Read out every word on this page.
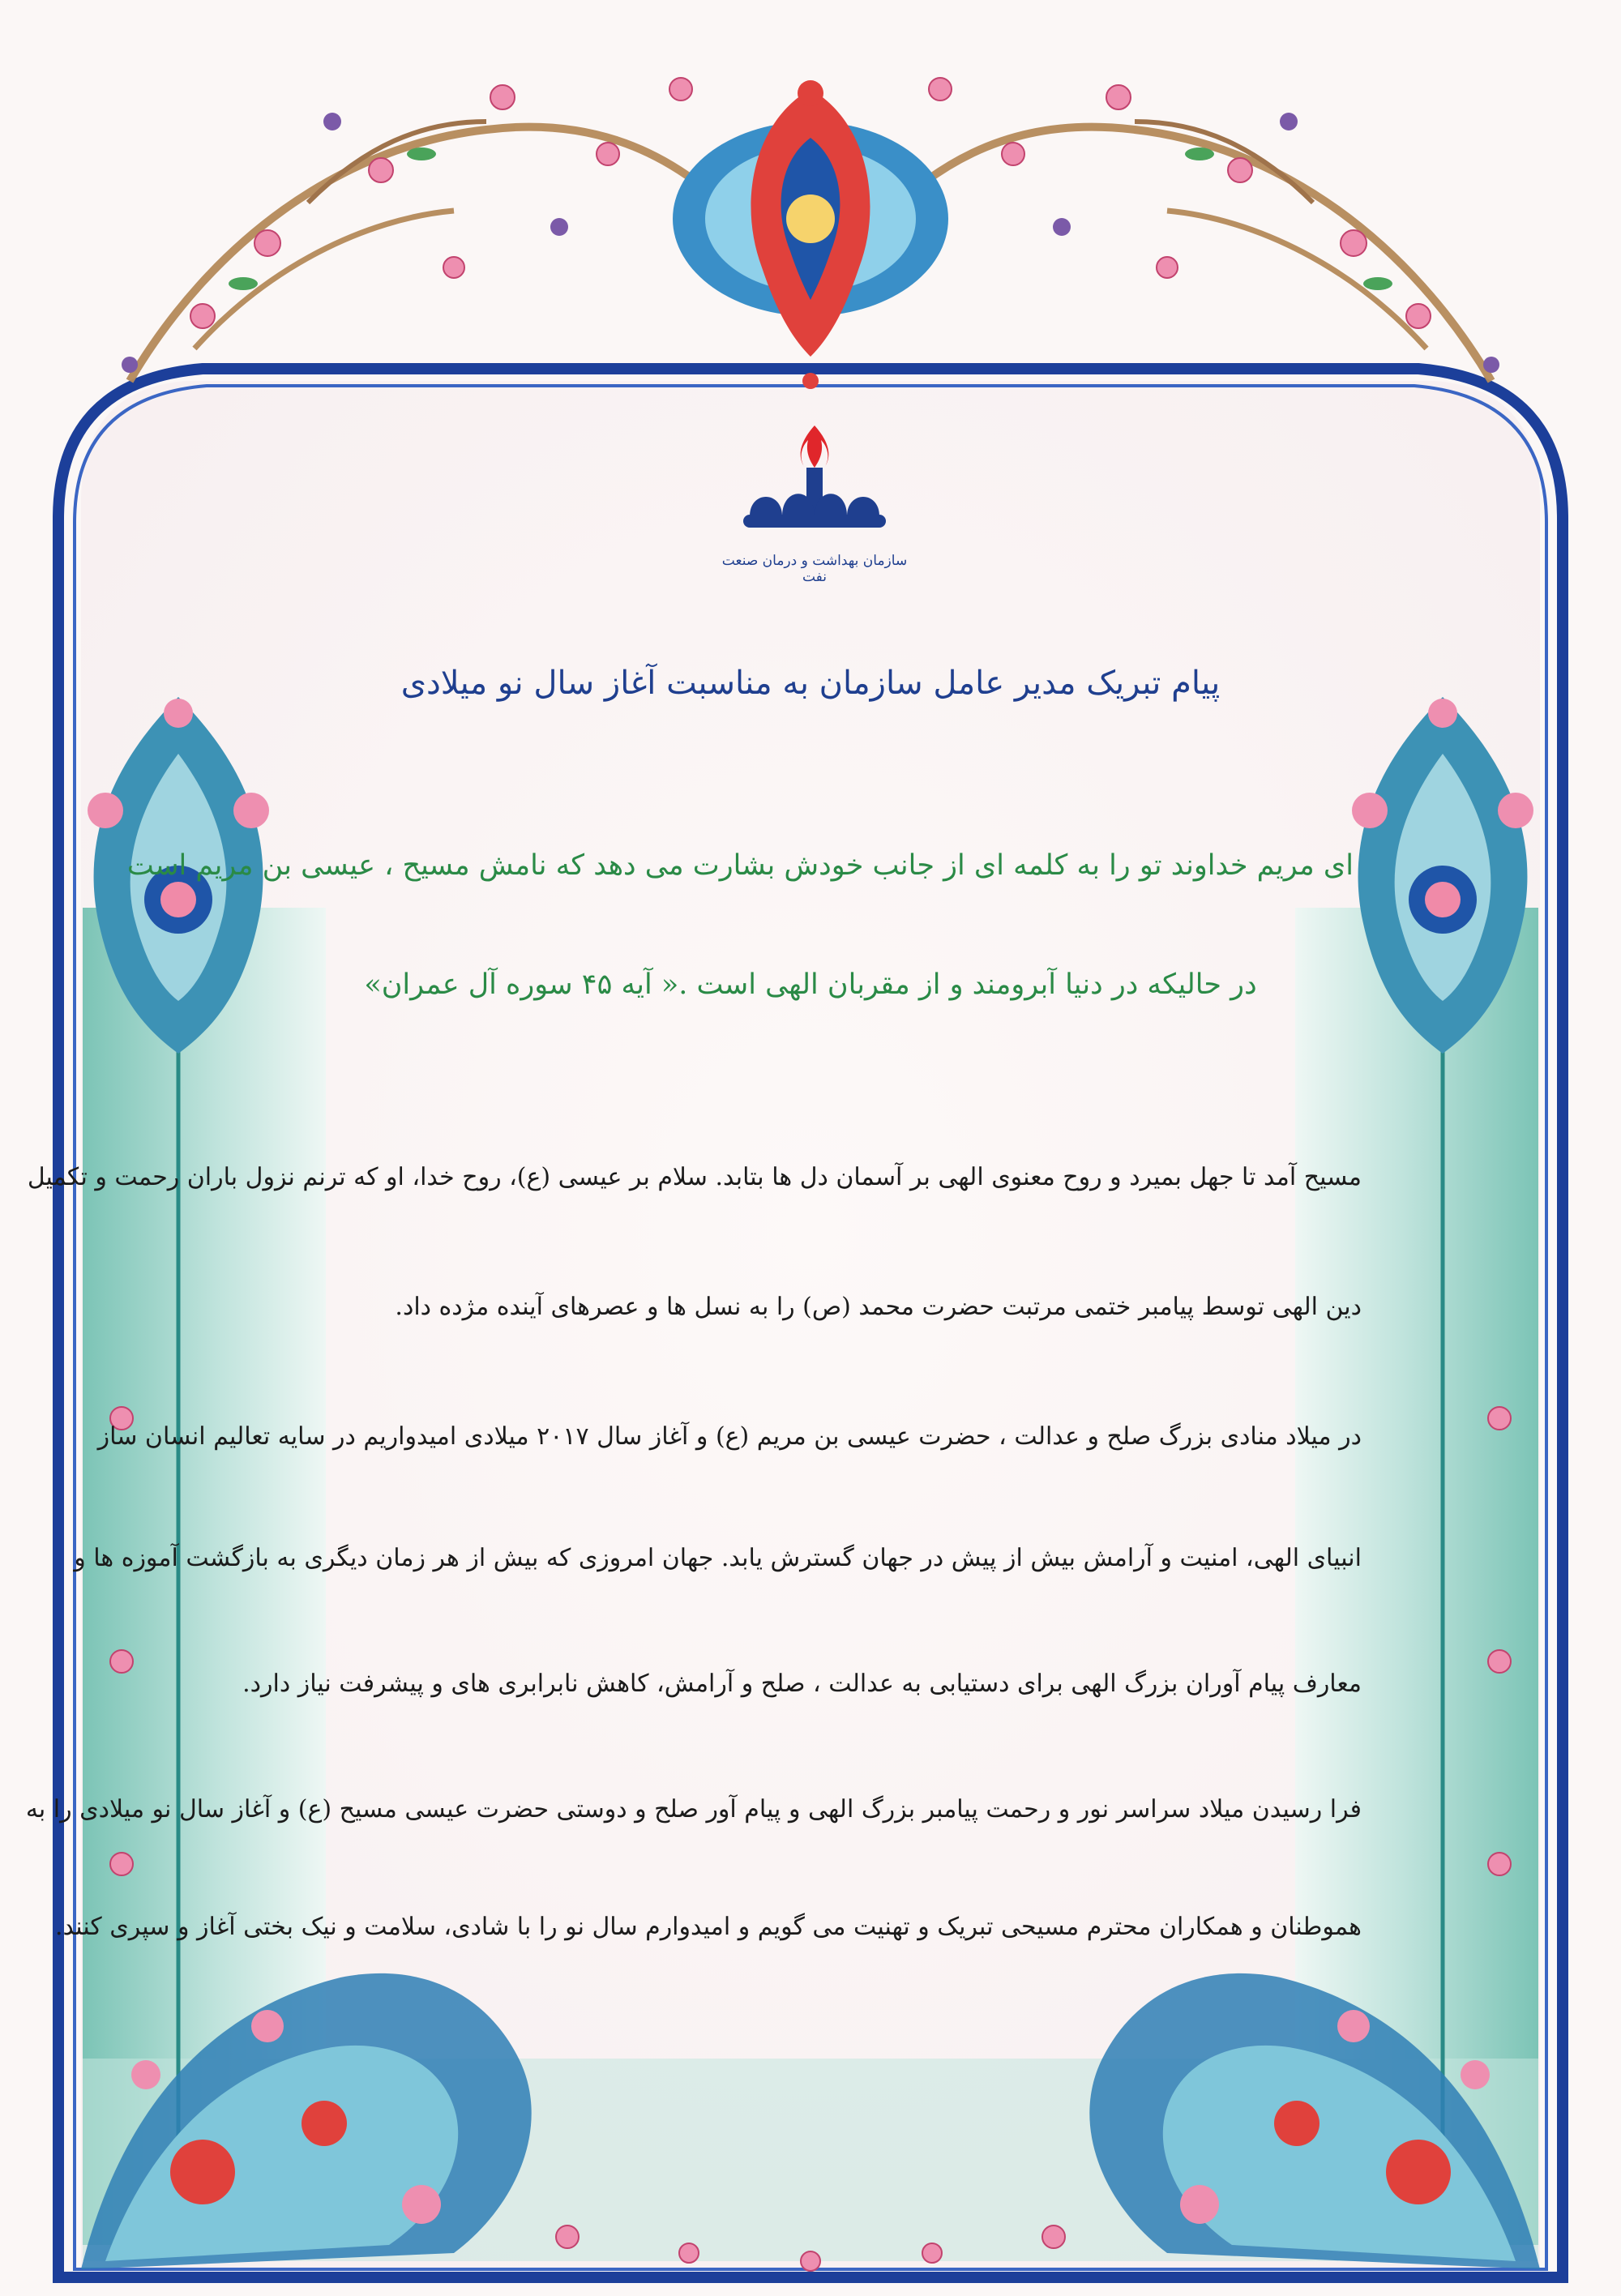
سازمان بهداشت و درمان صنعت نفت
پیام تبریک مدیر عامل سازمان به مناسبت آغاز سال نو میلادی
ای مریم خداوند تو را به کلمه ای از جانب خودش بشارت می دهد که نامش مسیح ، عیسی بن مریم است
در حالیکه در دنیا آبرومند و از مقربان الهی است .« آیه ۴۵ سوره آل عمران»
مسیح آمد تا جهل بمیرد و روح معنوی الهی بر آسمان دل ها بتابد. سلام بر عیسی (ع)، روح خدا، او که ترنم نزول باران رحمت و تکمیل
دین الهی توسط پیامبر ختمی مرتبت حضرت محمد (ص) را به نسل ها و عصرهای آینده مژده داد.
در میلاد منادی بزرگ صلح و عدالت ، حضرت عیسی بن مریم (ع) و آغاز سال ۲۰۱۷ میلادی امیدواریم در سایه تعالیم انسان ساز
انبیای الهی، امنیت و آرامش بیش از پیش در جهان گسترش یابد. جهان امروزی که بیش از هر زمان دیگری به بازگشت آموزه ها و
معارف پیام آوران بزرگ الهی برای دستیابی به عدالت ، صلح و آرامش، کاهش نابرابری های و پیشرفت نیاز دارد.
فرا رسیدن میلاد سراسر نور و رحمت پیامبر بزرگ الهی و پیام آور صلح و دوستی حضرت عیسی مسیح (ع) و آغاز سال نو میلادی را به
هموطنان و همکاران محترم مسیحی تبریک و تهنیت می گویم و امیدوارم سال نو را با شادی، سلامت و نیک بختی آغاز و سپری کنند.
